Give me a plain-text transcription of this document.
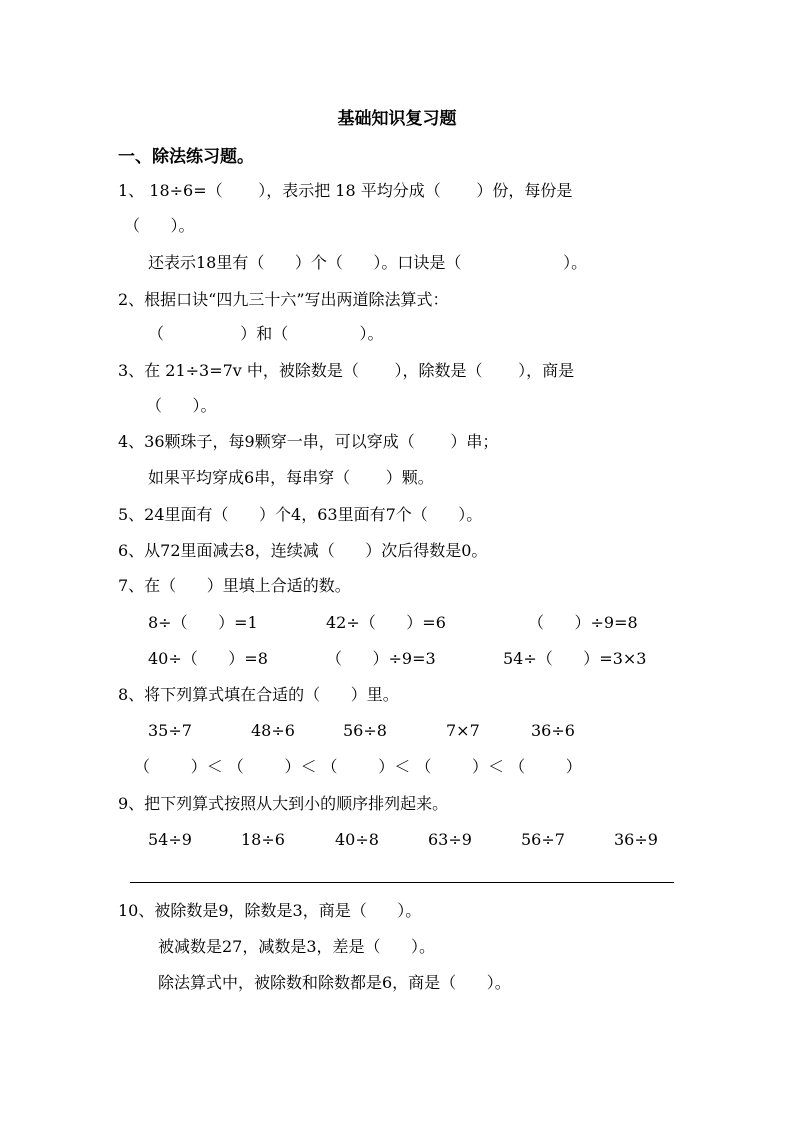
基础知识复习题
一、除法练习题。
1、 18÷6=（       ），表示把 18 平均分成（       ）份，每份是
（      ）。
还表示18里有（      ）个（      ）。口诀是（                    ）。
2、根据口诀“四九三十六”写出两道除法算式：
（               ）和（              ）。
3、在 21÷3=7v 中，被除数是（       ），除数是（       ），商是
（      ）。
4、36颗珠子，每9颗穿一串，可以穿成（       ）串；
如果平均穿成6串，每串穿（       ）颗。
5、24里面有（      ）个4，63里面有7个（      ）。
6、从72里面减去8，连续减（      ）次后得数是0。
7、在（      ）里填上合适的数。
8÷（      ）=1	42÷（      ）=6	（      ）÷9=8
40÷（      ）=8	（      ）÷9=3	54÷（      ）=3×3
8、将下列算式填在合适的（      ）里。
35÷7	48÷6	56÷8	7×7	36÷6
（        ）＜ （        ）＜ （        ）＜ （        ）＜ （        ）
9、把下列算式按照从大到小的顺序排列起来。
54÷9	18÷6	40÷8	63÷9	56÷7	36÷9
10、被除数是9，除数是3，商是（      ）。
被减数是27，减数是3，差是（      ）。
除法算式中，被除数和除数都是6，商是（      ）。
